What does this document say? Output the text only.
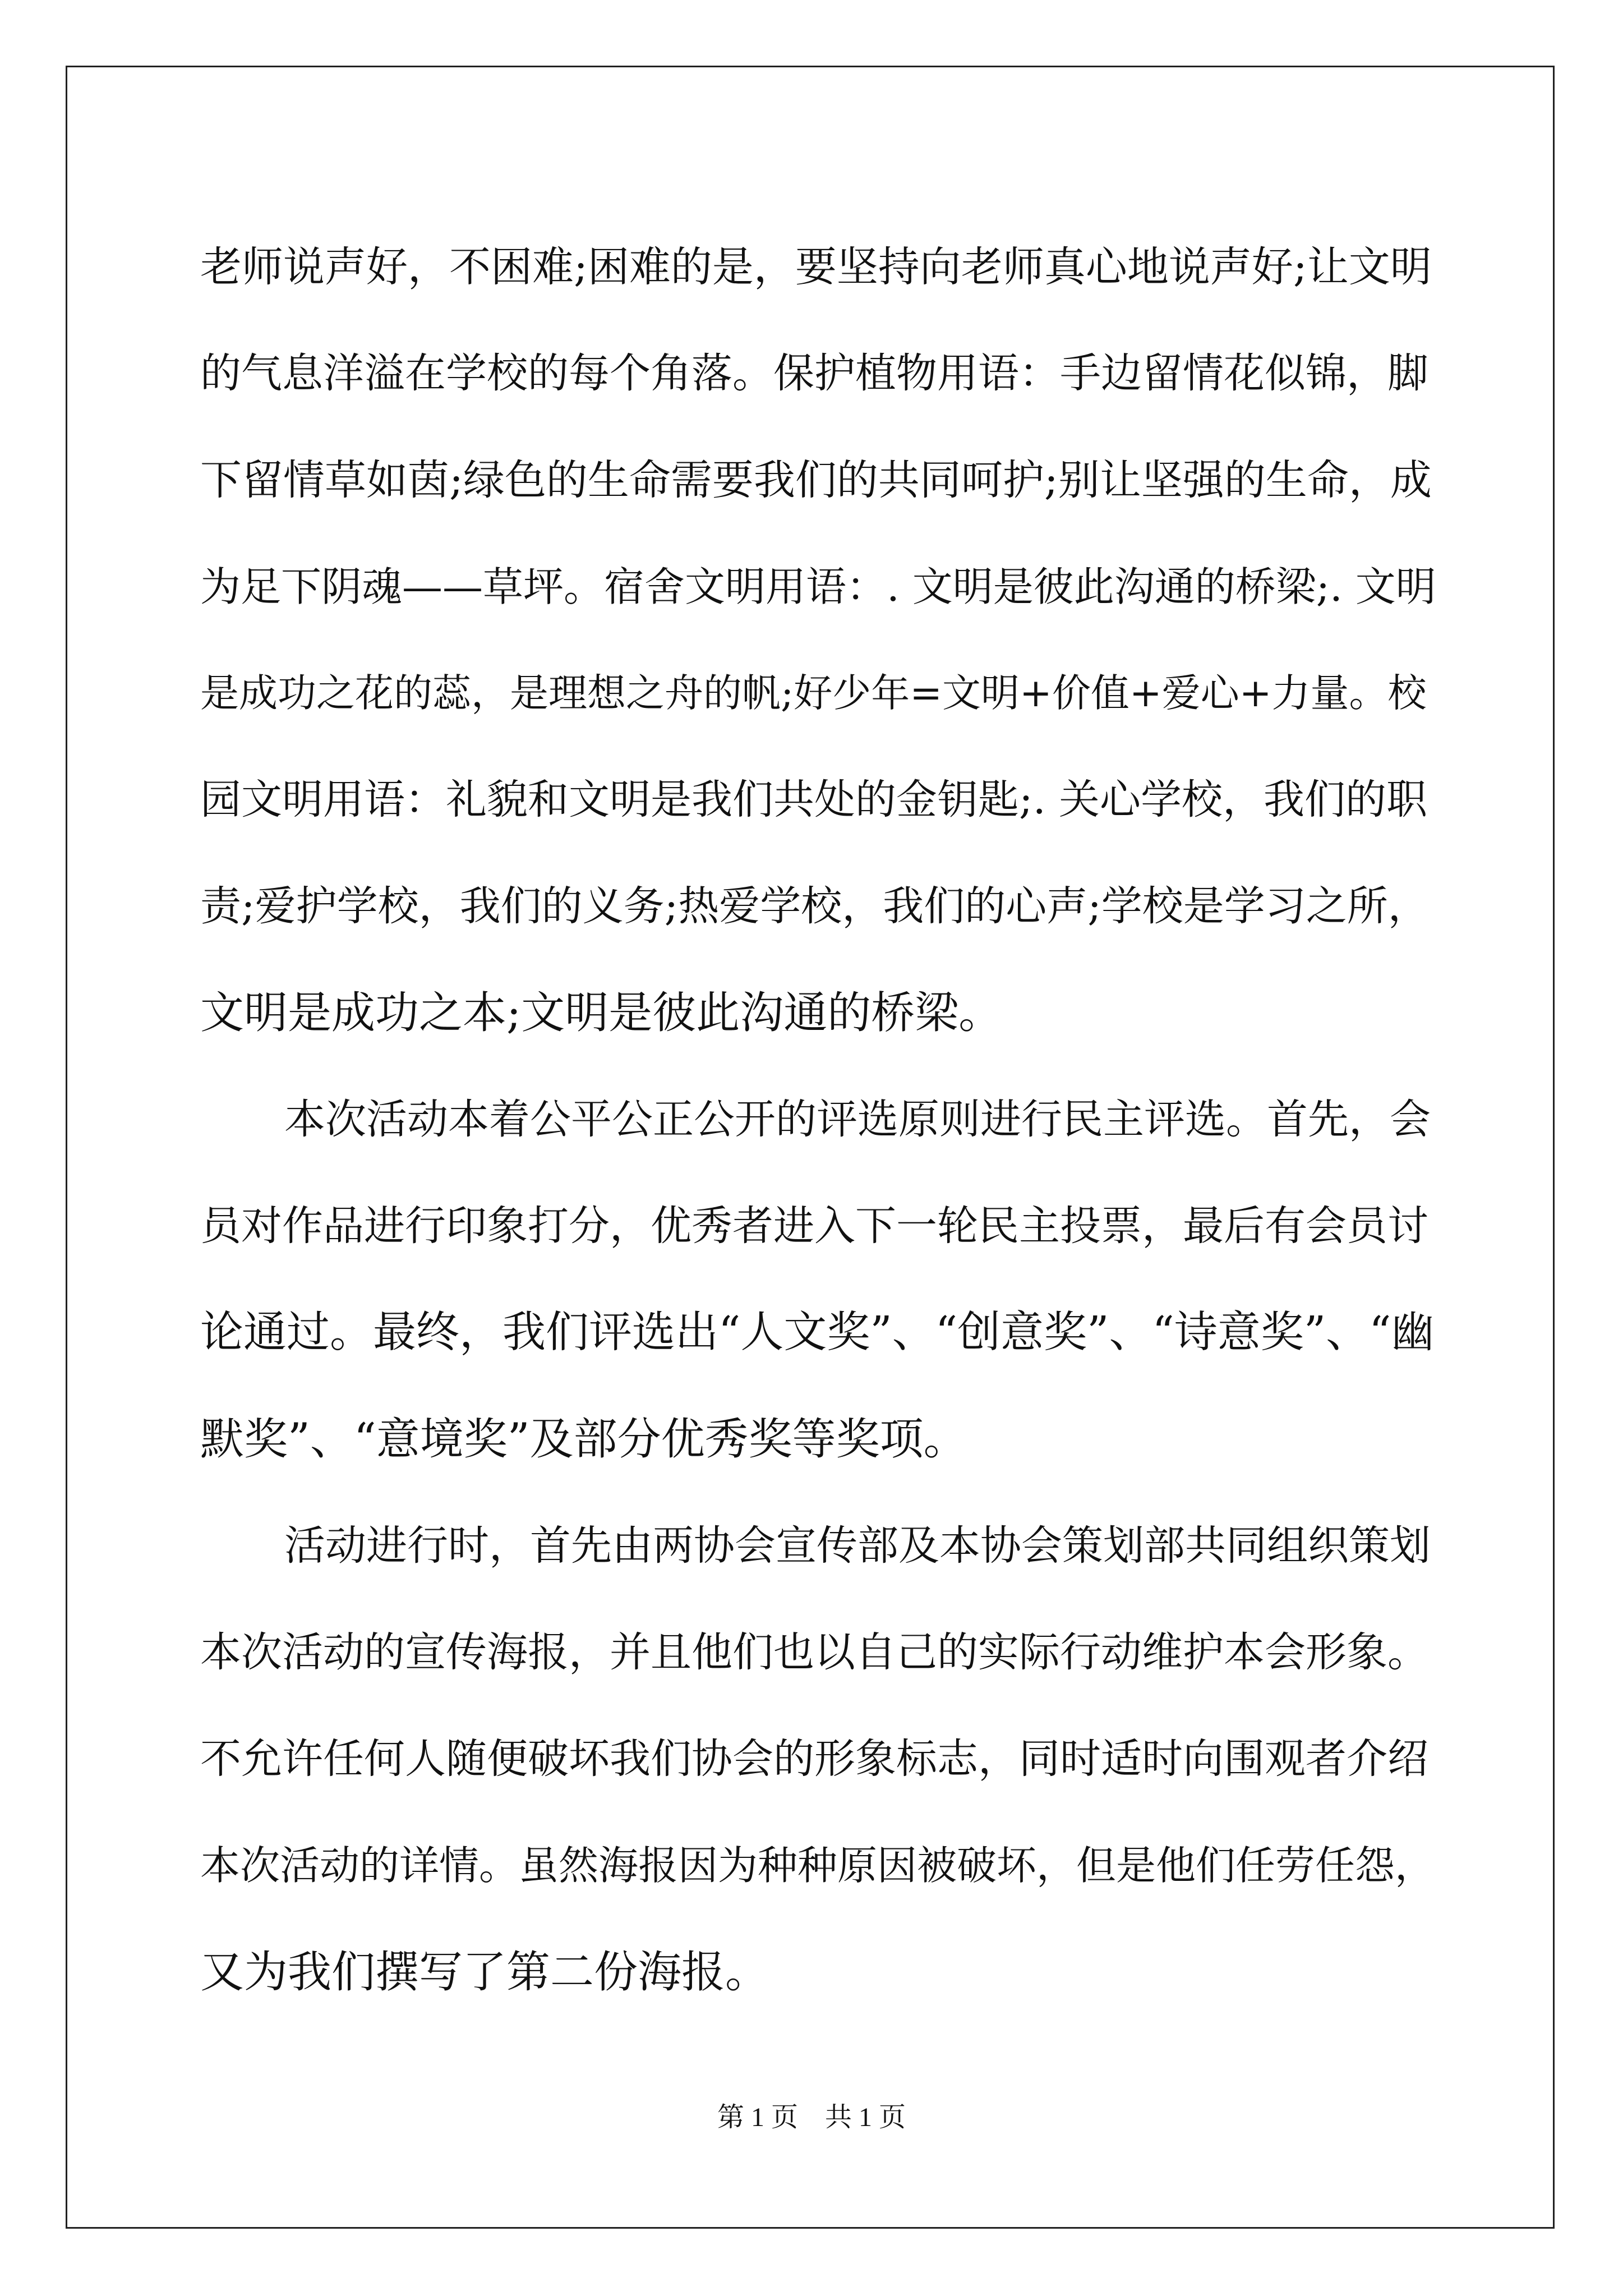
老师说声好，不困难;困难的是，要坚持向老师真心地说声好;让文明
的气息洋溢在学校的每个角落。保护植物用语：手边留情花似锦，脚
下留情草如茵;绿色的生命需要我们的共同呵护;别让坚强的生命，成
为足下阴魂——草坪。宿舍文明用语：. 文明是彼此沟通的桥梁;. 文明
是成功之花的蕊，是理想之舟的帆;好少年=文明+价值+爱心+力量。校
园文明用语：礼貌和文明是我们共处的金钥匙;. 关心学校，我们的职
责;爱护学校，我们的义务;热爱学校，我们的心声;学校是学习之所，
文明是成功之本;文明是彼此沟通的桥梁。
本次活动本着公平公正公开的评选原则进行民主评选。首先，会
员对作品进行印象打分，优秀者进入下一轮民主投票，最后有会员讨
论通过。最终，我们评选出“人文奖”、“创意奖”、“诗意奖”、“幽
默奖”、“意境奖”及部分优秀奖等奖项。
活动进行时，首先由两协会宣传部及本协会策划部共同组织策划
本次活动的宣传海报，并且他们也以自己的实际行动维护本会形象。
不允许任何人随便破坏我们协会的形象标志，同时适时向围观者介绍
本次活动的详情。虽然海报因为种种原因被破坏，但是他们任劳任怨，
又为我们撰写了第二份海报。
第 1 页　共 1 页
